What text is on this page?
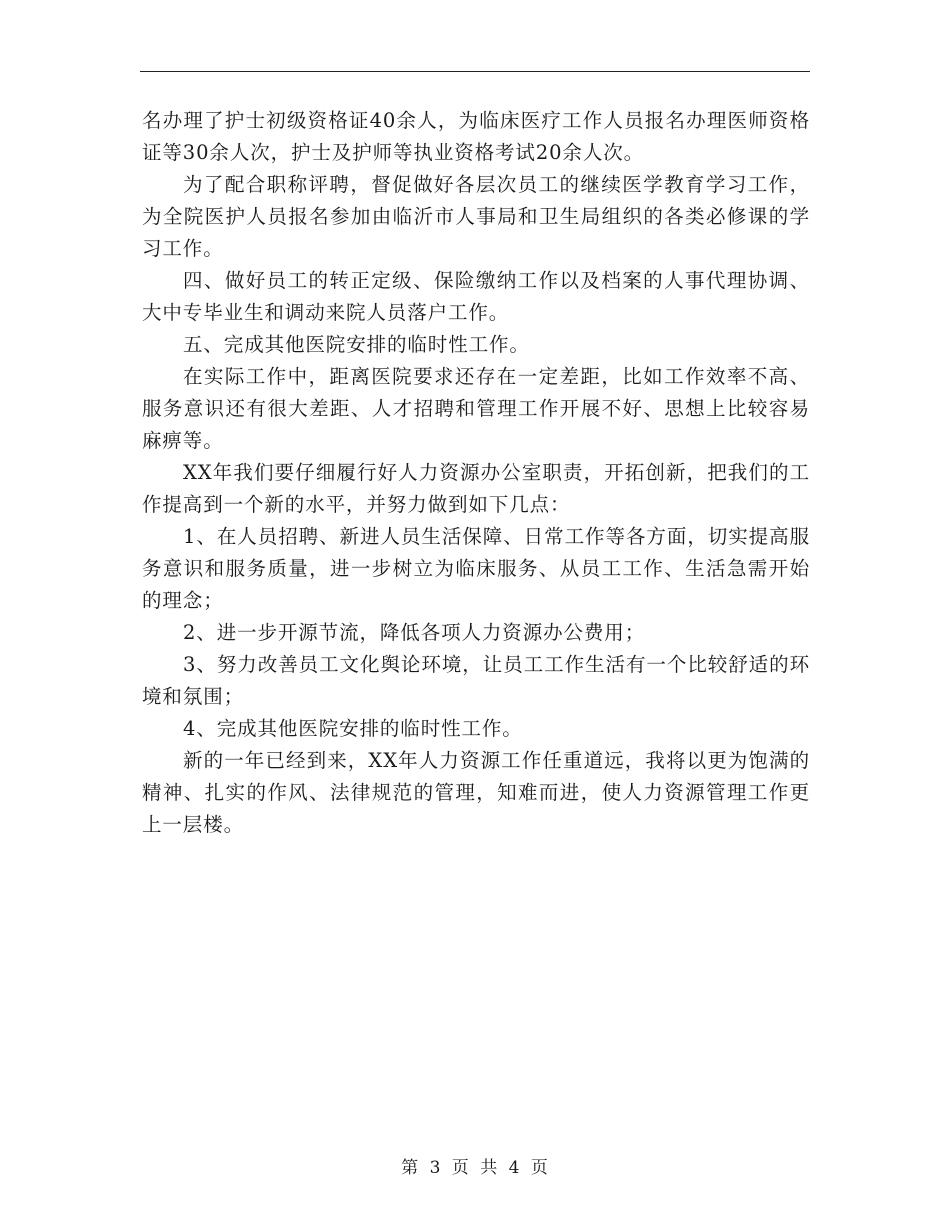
名办理了护士初级资格证40余人，为临床医疗工作人员报名办理医师资格证等30余人次，护士及护师等执业资格考试20余人次。

为了配合职称评聘，督促做好各层次员工的继续医学教育学习工作，为全院医护人员报名参加由临沂市人事局和卫生局组织的各类必修课的学习工作。

四、做好员工的转正定级、保险缴纳工作以及档案的人事代理协调、大中专毕业生和调动来院人员落户工作。

五、完成其他医院安排的临时性工作。

在实际工作中，距离医院要求还存在一定差距，比如工作效率不高、服务意识还有很大差距、人才招聘和管理工作开展不好、思想上比较容易麻痹等。

XX年我们要仔细履行好人力资源办公室职责，开拓创新，把我们的工作提高到一个新的水平，并努力做到如下几点：

1、在人员招聘、新进人员生活保障、日常工作等各方面，切实提高服务意识和服务质量，进一步树立为临床服务、从员工工作、生活急需开始的理念；

2、进一步开源节流，降低各项人力资源办公费用；

3、努力改善员工文化舆论环境，让员工工作生活有一个比较舒适的环境和氛围；

4、完成其他医院安排的临时性工作。

新的一年已经到来，XX年人力资源工作任重道远，我将以更为饱满的精神、扎实的作风、法律规范的管理，知难而进，使人力资源管理工作更上一层楼。

第 3 页 共 4 页
